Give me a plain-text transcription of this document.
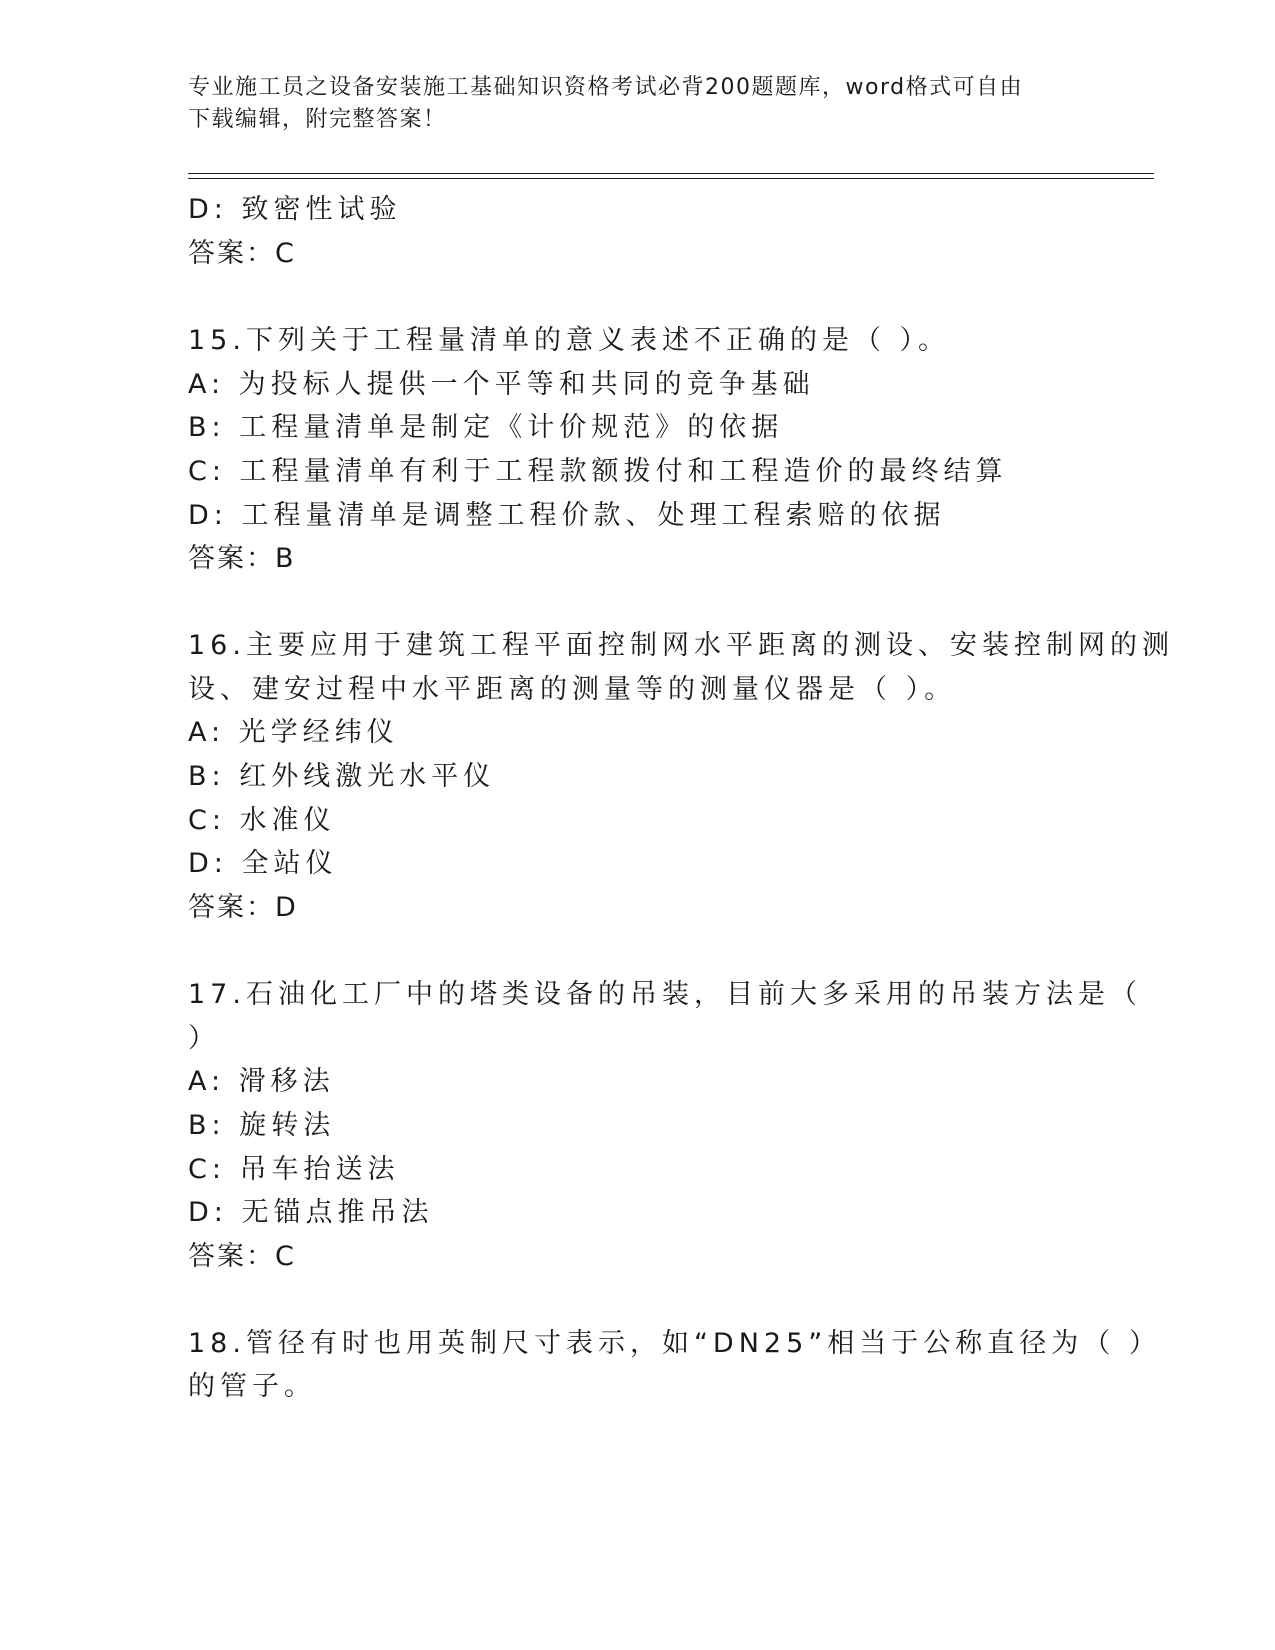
专业施工员之设备安装施工基础知识资格考试必背200题题库，word格式可自由
下载编辑，附完整答案！
D: 致密性试验
答案：C
15.下列关于工程量清单的意义表述不正确的是（ ）。
A: 为投标人提供一个平等和共同的竞争基础
B: 工程量清单是制定《计价规范》的依据
C: 工程量清单有利于工程款额拨付和工程造价的最终结算
D: 工程量清单是调整工程价款、处理工程索赔的依据
答案：B
16.主要应用于建筑工程平面控制网水平距离的测设、安装控制网的测
设、建安过程中水平距离的测量等的测量仪器是（ ）。
A: 光学经纬仪
B: 红外线激光水平仪
C: 水准仪
D: 全站仪
答案：D
17.石油化工厂中的塔类设备的吊装，目前大多采用的吊装方法是（
）
A: 滑移法
B: 旋转法
C: 吊车抬送法
D: 无锚点推吊法
答案：C
18.管径有时也用英制尺寸表示，如“DN25”相当于公称直径为（ ）
的管子。
